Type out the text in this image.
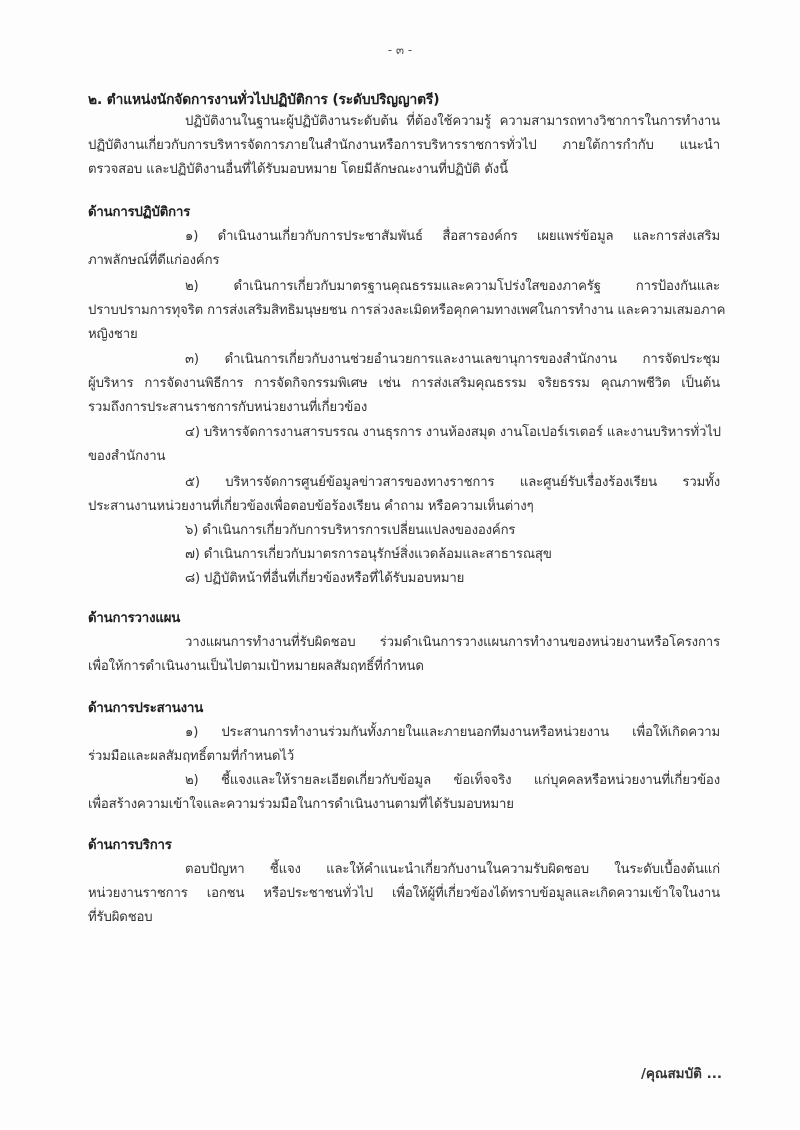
- ๓ -
๒. ตำแหน่งนักจัดการงานทั่วไปปฏิบัติการ (ระดับปริญญาตรี)
ปฏิบัติงานในฐานะผู้ปฏิบัติงานระดับต้น ที่ต้องใช้ความรู้ ความสามารถทางวิชาการในการทำงาน
ปฏิบัติงานเกี่ยวกับการบริหารจัดการภายในสำนักงานหรือการบริหารราชการทั่วไป ภายใต้การกำกับ แนะนำ
ตรวจสอบ และปฏิบัติงานอื่นที่ได้รับมอบหมาย โดยมีลักษณะงานที่ปฏิบัติ ดังนี้
ด้านการปฏิบัติการ
๑) ดำเนินงานเกี่ยวกับการประชาสัมพันธ์ สื่อสารองค์กร เผยแพร่ข้อมูล และการส่งเสริม
ภาพลักษณ์ที่ดีแก่องค์กร
๒) ดำเนินการเกี่ยวกับมาตรฐานคุณธรรมและความโปร่งใสของภาครัฐ การป้องกันและ
ปราบปรามการทุจริต การส่งเสริมสิทธิมนุษยชน การล่วงละเมิดหรือคุกคามทางเพศในการทำงาน และความเสมอภาค
หญิงชาย
๓) ดำเนินการเกี่ยวกับงานช่วยอำนวยการและงานเลขานุการของสำนักงาน การจัดประชุม
ผู้บริหาร การจัดงานพิธีการ การจัดกิจกรรมพิเศษ เช่น การส่งเสริมคุณธรรม จริยธรรม คุณภาพชีวิต เป็นต้น
รวมถึงการประสานราชการกับหน่วยงานที่เกี่ยวข้อง
๔) บริหารจัดการงานสารบรรณ งานธุรการ งานห้องสมุด งานโอเปอร์เรเตอร์ และงานบริหารทั่วไป
ของสำนักงาน
๕) บริหารจัดการศูนย์ข้อมูลข่าวสารของทางราชการ และศูนย์รับเรื่องร้องเรียน รวมทั้ง
ประสานงานหน่วยงานที่เกี่ยวข้องเพื่อตอบข้อร้องเรียน คำถาม หรือความเห็นต่างๆ
๖) ดำเนินการเกี่ยวกับการบริหารการเปลี่ยนแปลงขององค์กร
๗) ดำเนินการเกี่ยวกับมาตรการอนุรักษ์สิ่งแวดล้อมและสาธารณสุข
๘) ปฏิบัติหน้าที่อื่นที่เกี่ยวข้องหรือที่ได้รับมอบหมาย
ด้านการวางแผน
วางแผนการทำงานที่รับผิดชอบ ร่วมดำเนินการวางแผนการทำงานของหน่วยงานหรือโครงการ
เพื่อให้การดำเนินงานเป็นไปตามเป้าหมายผลสัมฤทธิ์ที่กำหนด
ด้านการประสานงาน
๑) ประสานการทำงานร่วมกันทั้งภายในและภายนอกทีมงานหรือหน่วยงาน เพื่อให้เกิดความ
ร่วมมือและผลสัมฤทธิ์ตามที่กำหนดไว้
๒) ชี้แจงและให้รายละเอียดเกี่ยวกับข้อมูล ข้อเท็จจริง แก่บุคคลหรือหน่วยงานที่เกี่ยวข้อง
เพื่อสร้างความเข้าใจและความร่วมมือในการดำเนินงานตามที่ได้รับมอบหมาย
ด้านการบริการ
ตอบปัญหา ชี้แจง และให้คำแนะนำเกี่ยวกับงานในความรับผิดชอบ ในระดับเบื้องต้นแก่
หน่วยงานราชการ เอกชน หรือประชาชนทั่วไป เพื่อให้ผู้ที่เกี่ยวข้องได้ทราบข้อมูลและเกิดความเข้าใจในงาน
ที่รับผิดชอบ
/คุณสมบัติ ...
